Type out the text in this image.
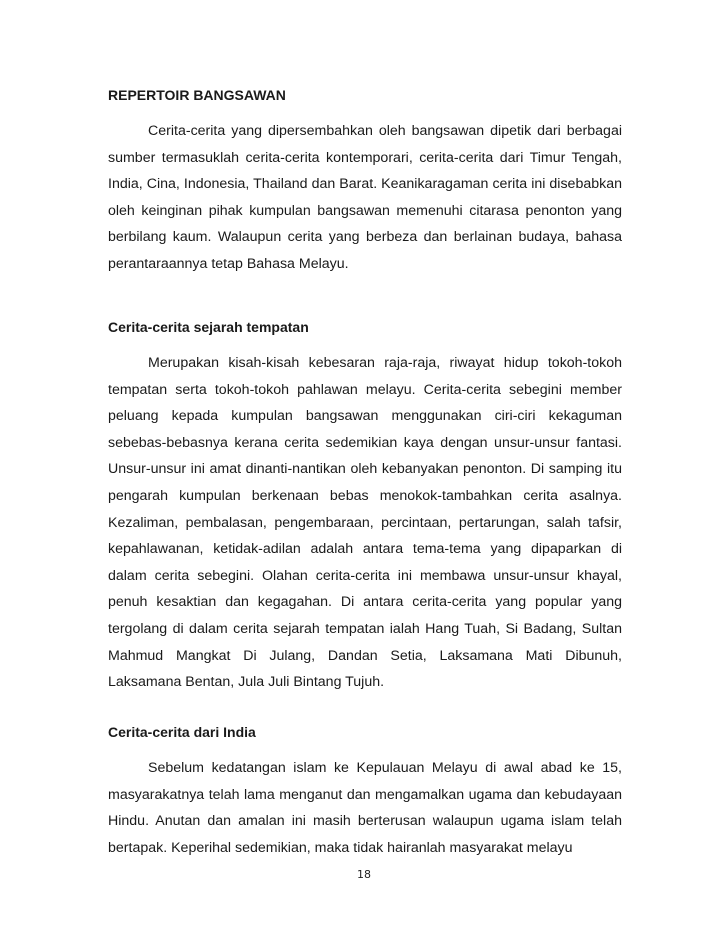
REPERTOIR BANGSAWAN

Cerita-cerita yang dipersembahkan oleh bangsawan dipetik dari berbagai sumber termasuklah cerita-cerita kontemporari, cerita-cerita dari Timur Tengah, India, Cina, Indonesia, Thailand dan Barat. Keanikaragaman cerita ini disebabkan oleh keinginan pihak kumpulan bangsawan memenuhi citarasa penonton yang berbilang kaum. Walaupun cerita yang berbeza dan berlainan budaya, bahasa perantaraannya tetap Bahasa Melayu.

Cerita-cerita sejarah tempatan

Merupakan kisah-kisah kebesaran raja-raja, riwayat hidup tokoh-tokoh tempatan serta tokoh-tokoh pahlawan melayu. Cerita-cerita sebegini member peluang kepada kumpulan bangsawan menggunakan ciri-ciri kekaguman sebebas-bebasnya kerana cerita sedemikian kaya dengan unsur-unsur fantasi. Unsur-unsur ini amat dinanti-nantikan oleh kebanyakan penonton. Di samping itu pengarah kumpulan berkenaan bebas menokok-tambahkan cerita asalnya. Kezaliman, pembalasan, pengembaraan, percintaan, pertarungan, salah tafsir, kepahlawanan, ketidak-adilan adalah antara tema-tema yang dipaparkan di dalam cerita sebegini. Olahan cerita-cerita ini membawa unsur-unsur khayal, penuh kesaktian dan kegagahan. Di antara cerita-cerita yang popular yang tergolang di dalam cerita sejarah tempatan ialah Hang Tuah, Si Badang, Sultan Mahmud Mangkat Di Julang, Dandan Setia, Laksamana Mati Dibunuh, Laksamana Bentan, Jula Juli Bintang Tujuh.

Cerita-cerita dari India

Sebelum kedatangan islam ke Kepulauan Melayu di awal abad ke 15, masyarakatnya telah lama menganut dan mengamalkan ugama dan kebudayaan Hindu. Anutan dan amalan ini masih berterusan walaupun ugama islam telah bertapak. Keperihal sedemikian, maka tidak hairanlah masyarakat melayu

18
